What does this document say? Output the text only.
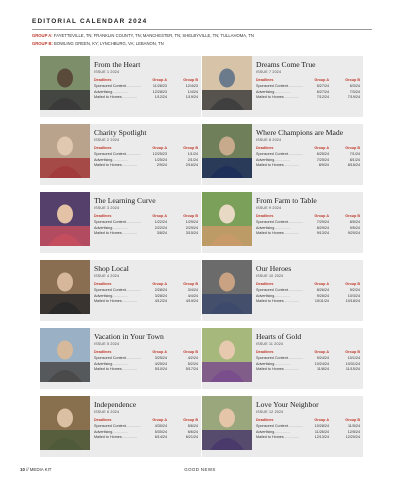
EDITORIAL CALENDAR 2024
GROUP A: FAYETTEVILLE, TN; FRANKLIN COUNTY, TN; MANCHESTER, TN; SHELBYVILLE, TN; TULLAHOMA, TN
GROUP B: BOWLING GREEN, KY; LYNCHBURG, VA; LEBANON, TN
From the Heart
ISSUE 1 2024
Deadlines	Group A	Group B
Sponsored Content...............	11/28/23	12/4/23
Advertising...............	12/28/23	1/4/24
Mailed to Homes...............	1/12/24	1/19/24
Dreams Come True
ISSUE 7 2024
Deadlines	Group A	Group B
Sponsored Content...............	5/27/24	6/3/24
Advertising...............	6/27/24	7/3/24
Mailed to Homes...............	7/12/24	7/19/24
Charity Spotlight
ISSUE 2 2024
Deadlines	Group A	Group B
Sponsored Content...............	12/25/23	1/1/24
Advertising...............	1/25/24	2/1/24
Mailed to Homes...............	2/9/24	2/16/24
Where Champions are Made
ISSUE 8 2024
Deadlines	Group A	Group B
Sponsored Content...............	6/25/24	7/1/24
Advertising...............	7/25/24	8/1/24
Mailed to Homes...............	8/9/24	8/16/24
The Learning Curve
ISSUE 3 2024
Deadlines	Group A	Group B
Sponsored Content...............	1/22/24	1/29/24
Advertising...............	2/22/24	2/29/24
Mailed to Homes...............	3/8/24	3/15/24
From Farm to Table
ISSUE 9 2024
Deadlines	Group A	Group B
Sponsored Content...............	7/29/24	8/5/24
Advertising...............	8/29/24	9/5/24
Mailed to Homes...............	9/13/24	9/20/24
Shop Local
ISSUE 4 2024
Deadlines	Group A	Group B
Sponsored Content...............	2/28/24	3/4/24
Advertising...............	3/28/24	4/4/24
Mailed to Homes...............	4/12/24	4/19/24
Our Heroes
ISSUE 10 2024
Deadlines	Group A	Group B
Sponsored Content...............	8/26/24	9/2/24
Advertising...............	9/26/24	10/3/24
Mailed to Homes...............	10/11/24	10/18/24
Vacation in Your Town
ISSUE 5 2024
Deadlines	Group A	Group B
Sponsored Content...............	3/25/24	4/2/24
Advertising...............	4/25/24	5/2/24
Mailed to Homes...............	5/10/24	5/17/24
Hearts of Gold
ISSUE 11 2024
Deadlines	Group A	Group B
Sponsored Content...............	9/24/24	10/1/24
Advertising...............	10/24/24	10/31/24
Mailed to Homes...............	11/8/24	11/15/24
Independence
ISSUE 6 2024
Deadlines	Group A	Group B
Sponsored Content...............	4/30/24	5/6/24
Advertising...............	5/30/24	6/6/24
Mailed to Homes...............	6/14/24	6/21/24
Love Your Neighbor
ISSUE 12 2024
Deadlines	Group A	Group B
Sponsored Content...............	10/28/24	11/5/24
Advertising...............	11/26/24	12/5/24
Mailed to Homes...............	12/13/24	12/20/24
10 // MEDIA KIT	GOOD NEWS
